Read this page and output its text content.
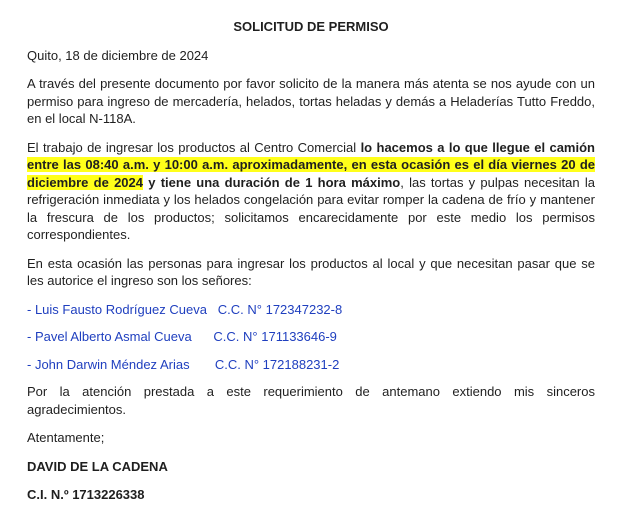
SOLICITUD DE PERMISO
Quito, 18 de diciembre de 2024
A través del presente documento por favor solicito de la manera más atenta se nos ayude con un permiso para ingreso de mercadería, helados, tortas heladas y demás a Heladerías Tutto Freddo, en el local N-118A.
El trabajo de ingresar los productos al Centro Comercial lo hacemos a lo que llegue el camión entre las 08:40 a.m. y 10:00 a.m. aproximadamente, en esta ocasión es el día viernes 20 de diciembre de 2024 y tiene una duración de 1 hora máximo, las tortas y pulpas necesitan la refrigeración inmediata y los helados congelación para evitar romper la cadena de frío y mantener la frescura de los productos; solicitamos encarecidamente por este medio los permisos correspondientes.
En esta ocasión las personas para ingresar los productos al local y que necesitan pasar que se les autorice el ingreso son los señores:
- Luis Fausto Rodríguez Cueva C.C. N° 172347232-8
- Pavel Alberto Asmal Cueva C.C. N° 171133646-9
- John Darwin Méndez Arias C.C. N° 172188231-2
Por la atención prestada a este requerimiento de antemano extiendo mis sinceros agradecimientos.
Atentamente;
DAVID DE LA CADENA
C.I. N.º 1713226338
